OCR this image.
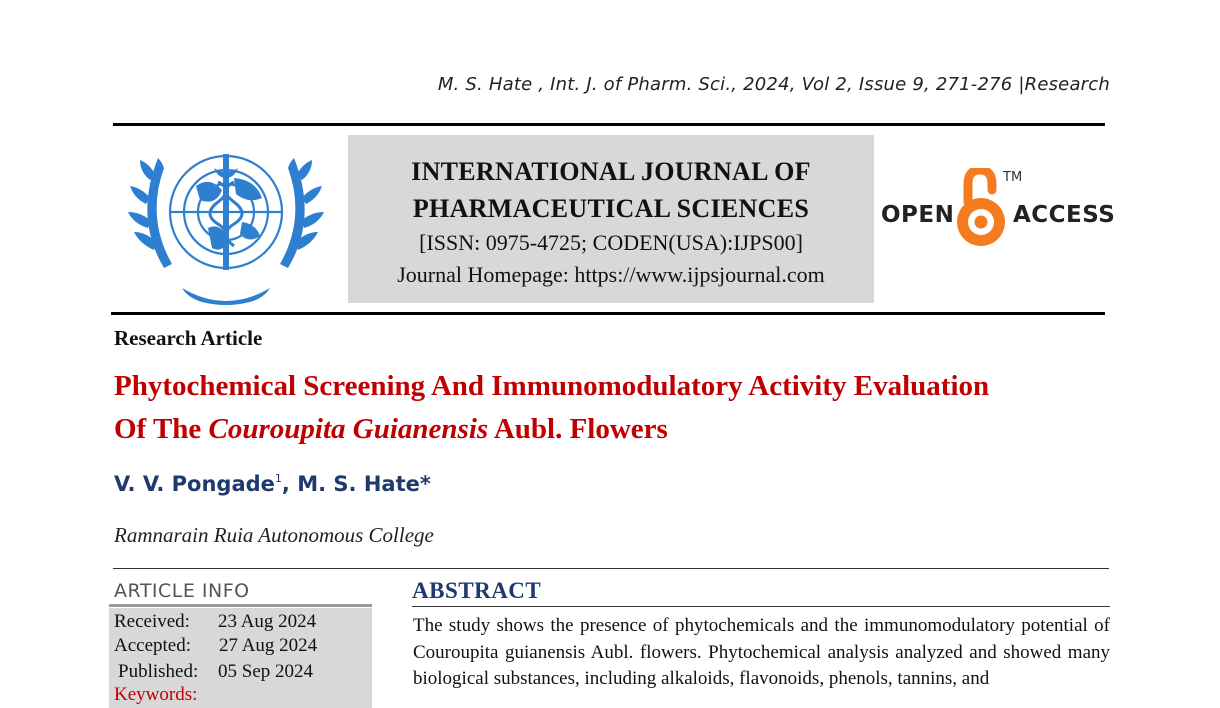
M. S. Hate , Int. J. of Pharm. Sci., 2024, Vol 2, Issue 9, 271-276 |Research
INTERNATIONAL JOURNAL OF
PHARMACEUTICAL SCIENCES
[ISSN: 0975-4725; CODEN(USA):IJPS00]
Journal Homepage: https://www.ijpsjournal.com
OPEN	ACCESS
TM
Research Article
Phytochemical Screening And Immunomodulatory Activity Evaluation
Of The Couroupita Guianensis Aubl. Flowers
V. V. Pongade$^1$, M. S. Hate*
Ramnarain Ruia Autonomous College
ARTICLE INFO
Received: 23 Aug 2024
Accepted: 27 Aug 2024
Published: 05 Sep 2024
Keywords:
ABSTRACT
The study shows the presence of phytochemicals and the immunomodulatory potential of Couroupita guianensis Aubl. flowers. Phytochemical analysis analyzed and showed many biological substances, including alkaloids, flavonoids, phenols, tannins, and
